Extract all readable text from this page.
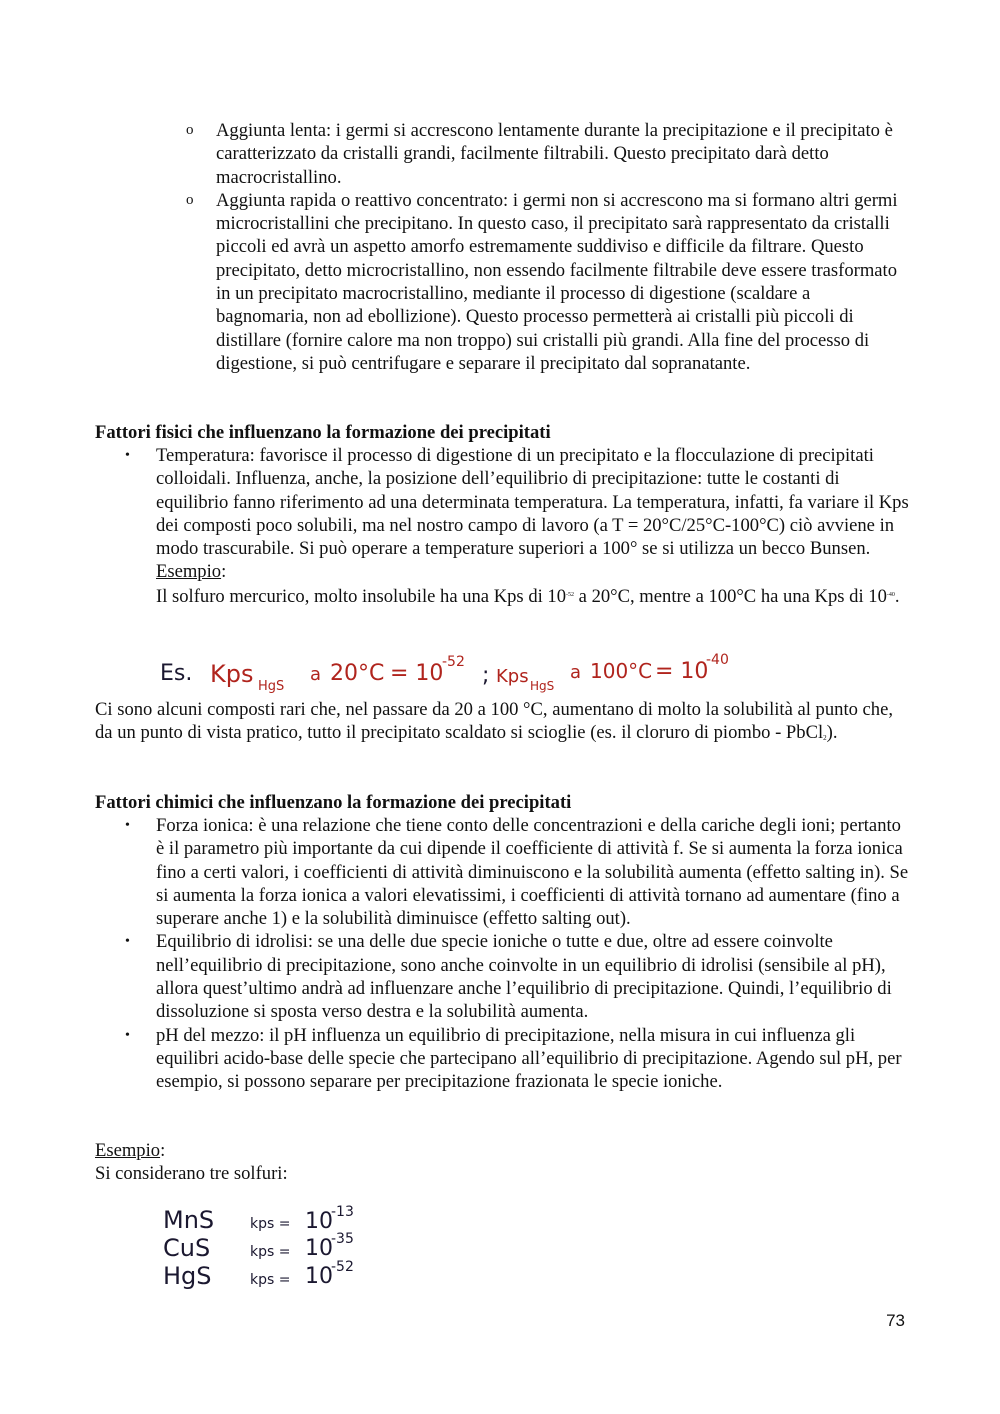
o Aggiunta lenta: i germi si accrescono lentamente durante la precipitazione e il precipitato è caratterizzato da cristalli grandi, facilmente filtrabili. Questo precipitato darà detto macrocristallino.
o Aggiunta rapida o reattivo concentrato: i germi non si accrescono ma si formano altri germi microcristallini che precipitano. In questo caso, il precipitato sarà rappresentato da cristalli piccoli ed avrà un aspetto amorfo estremamente suddiviso e difficile da filtrare. Questo precipitato, detto microcristallino, non essendo facilmente filtrabile deve essere trasformato in un precipitato macrocristallino, mediante il processo di digestione (scaldare a bagnomaria, non ad ebollizione). Questo processo permetterà ai cristalli più piccoli di distillare (fornire calore ma non troppo) sui cristalli più grandi. Alla fine del processo di digestione, si può centrifugare e separare il precipitato dal sopranatante.
Fattori fisici che influenzano la formazione dei precipitati
• Temperatura: favorisce il processo di digestione di un precipitato e la flocculazione di precipitati colloidali. Influenza, anche, la posizione dell’equilibrio di precipitazione: tutte le costanti di equilibrio fanno riferimento ad una determinata temperatura. La temperatura, infatti, fa variare il Kps dei composti poco solubili, ma nel nostro campo di lavoro (a T = 20°C/25°C-100°C) ciò avviene in modo trascurabile. Si può operare a temperature superiori a 100° se si utilizza un becco Bunsen.
Esempio:
Il solfuro mercurico, molto insolubile ha una Kps di $10^{-52}$ a 20°C, mentre a 100°C ha una Kps di $10^{-40}$.
Es. Kps HgS
a 20°C = 10
-52
; Kps HgS
a 100°C = 10
-40
Ci sono alcuni composti rari che, nel passare da 20 a 100 °C, aumentano di molto la solubilità al punto che, da un punto di vista pratico, tutto il precipitato scaldato si scioglie (es. il cloruro di piombo - PbCl$_2$).
Fattori chimici che influenzano la formazione dei precipitati
• Forza ionica: è una relazione che tiene conto delle concentrazioni e della cariche degli ioni; pertanto è il parametro più importante da cui dipende il coefficiente di attività f. Se si aumenta la forza ionica fino a certi valori, i coefficienti di attività diminuiscono e la solubilità aumenta (effetto salting in). Se si aumenta la forza ionica a valori elevatissimi, i coefficienti di attività tornano ad aumentare (fino a superare anche 1) e la solubilità diminuisce (effetto salting out).
• Equilibrio di idrolisi: se una delle due specie ioniche o tutte e due, oltre ad essere coinvolte nell’equilibrio di precipitazione, sono anche coinvolte in un equilibrio di idrolisi (sensibile al pH), allora quest’ultimo andrà ad influenzare anche l’equilibrio di precipitazione. Quindi, l’equilibrio di dissoluzione si sposta verso destra e la solubilità aumenta.
• pH del mezzo: il pH influenza un equilibrio di precipitazione, nella misura in cui influenza gli equilibri acido-base delle specie che partecipano all’equilibrio di precipitazione. Agendo sul pH, per esempio, si possono separare per precipitazione frazionata le specie ioniche.
Esempio:
Si considerano tre solfuri:
MnS	kps = 10
-13
CuS	kps = 10
-35
HgS	kps = 10
-52
73
